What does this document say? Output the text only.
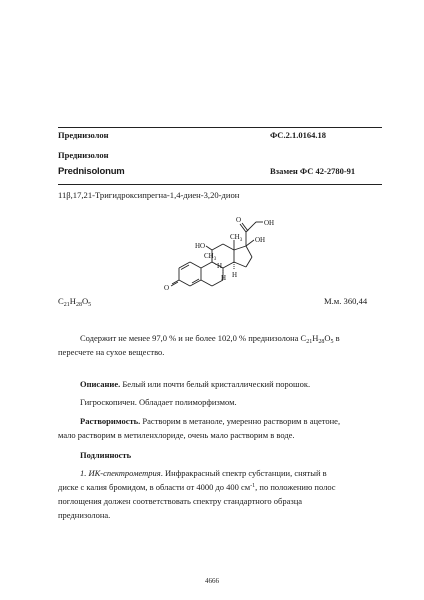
Преднизолон	ФС.2.1.0164.18
Преднизолон
Prednisolonum	Взамен ФС 42-2780-91
11β,17,21-Тригидроксипрегна-1,4-диен-3,20-дион
O	OH
$CH_3$ OH
HO
$CH_3$
H
H H
O
$C_{21}H_{28}O_5$	М.м. 360,44
Содержит не менее 97,0 % и не более 102,0 % преднизолона $C_{21}H_{28}O_5$ в
пересчете на сухое вещество.
Описание. Белый или почти белый кристаллический порошок.
Гигроскопичен. Обладает полиморфизмом.
Растворимость. Растворим в метаноле, умеренно растворим в ацетоне,
мало растворим в метиленхлориде, очень мало растворим в воде.
Подлинность
1. ИК-спектрометрия. Инфракрасный спектр субстанции, снятый в
диске с калия бромидом, в области от 4000 до 400 $см^{-1}$, по положению полос
поглощения должен соответствовать спектру стандартного образца
преднизолона.
4666
